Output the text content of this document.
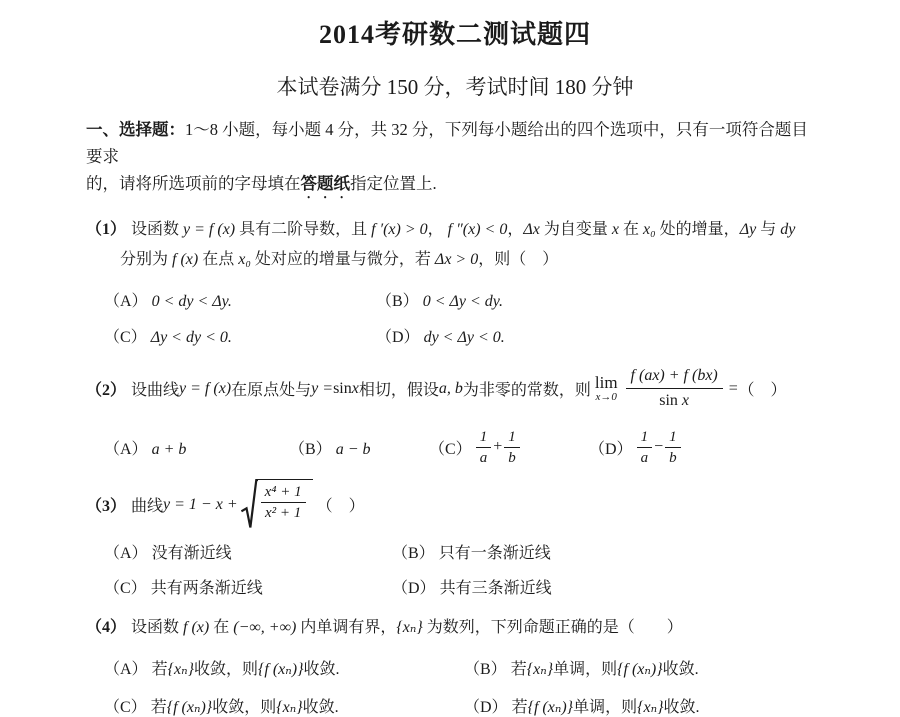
2014考研数二测试题四
本试卷满分 150 分，考试时间 180 分钟
一、选择题：1～8 小题，每小题 4 分，共 32 分，下列每小题给出的四个选项中，只有一项符合题目要求
的，请将所选项前的字母填在答题纸指定位置上.
（1） 设函数 y = f (x) 具有二阶导数，且 f ′(x) > 0， f ″(x) < 0，Δx 为自变量 x 在 x₀ 处的增量，Δy 与 dy
分别为 f (x) 在点 x₀ 处对应的增量与微分，若 Δx > 0，则（　）
（A） 0 < dy < Δy.	（B） 0 < Δy < dy.
（C） Δy < dy < 0.	（D） dy < Δy < 0.
（2） 设曲线 y = f (x) 在原点处与 y = sin x 相切，假设 a, b 为非零的常数，则 lim
$x\to 0 \frac{f (ax) + f (bx)}{\text{sin x}}$ = （　）
（A） a + b	（B） a − b	$(C) \frac{1}{a} + \frac{1}{b}$	$(D) \frac{1}{a} - \frac{1}{b}$
（3） 曲线 $y = 1 - x + \frac{\text{x⁴ + 1}}{\text{x² + 1}}$ （　）
（A） 没有渐近线	（B） 只有一条渐近线
（C） 共有两条渐近线	（D） 共有三条渐近线
（4） 设函数 f (x) 在 (−∞, +∞) 内单调有界，{xₙ} 为数列，下列命题正确的是（　　）
（A） 若{xₙ}收敛，则{f (xₙ)}收敛.	（B） 若{xₙ}单调，则{f (xₙ)}收敛.
（C） 若{f (xₙ)}收敛，则{xₙ}收敛.	（D） 若{f (xₙ)}单调，则{xₙ}收敛.
